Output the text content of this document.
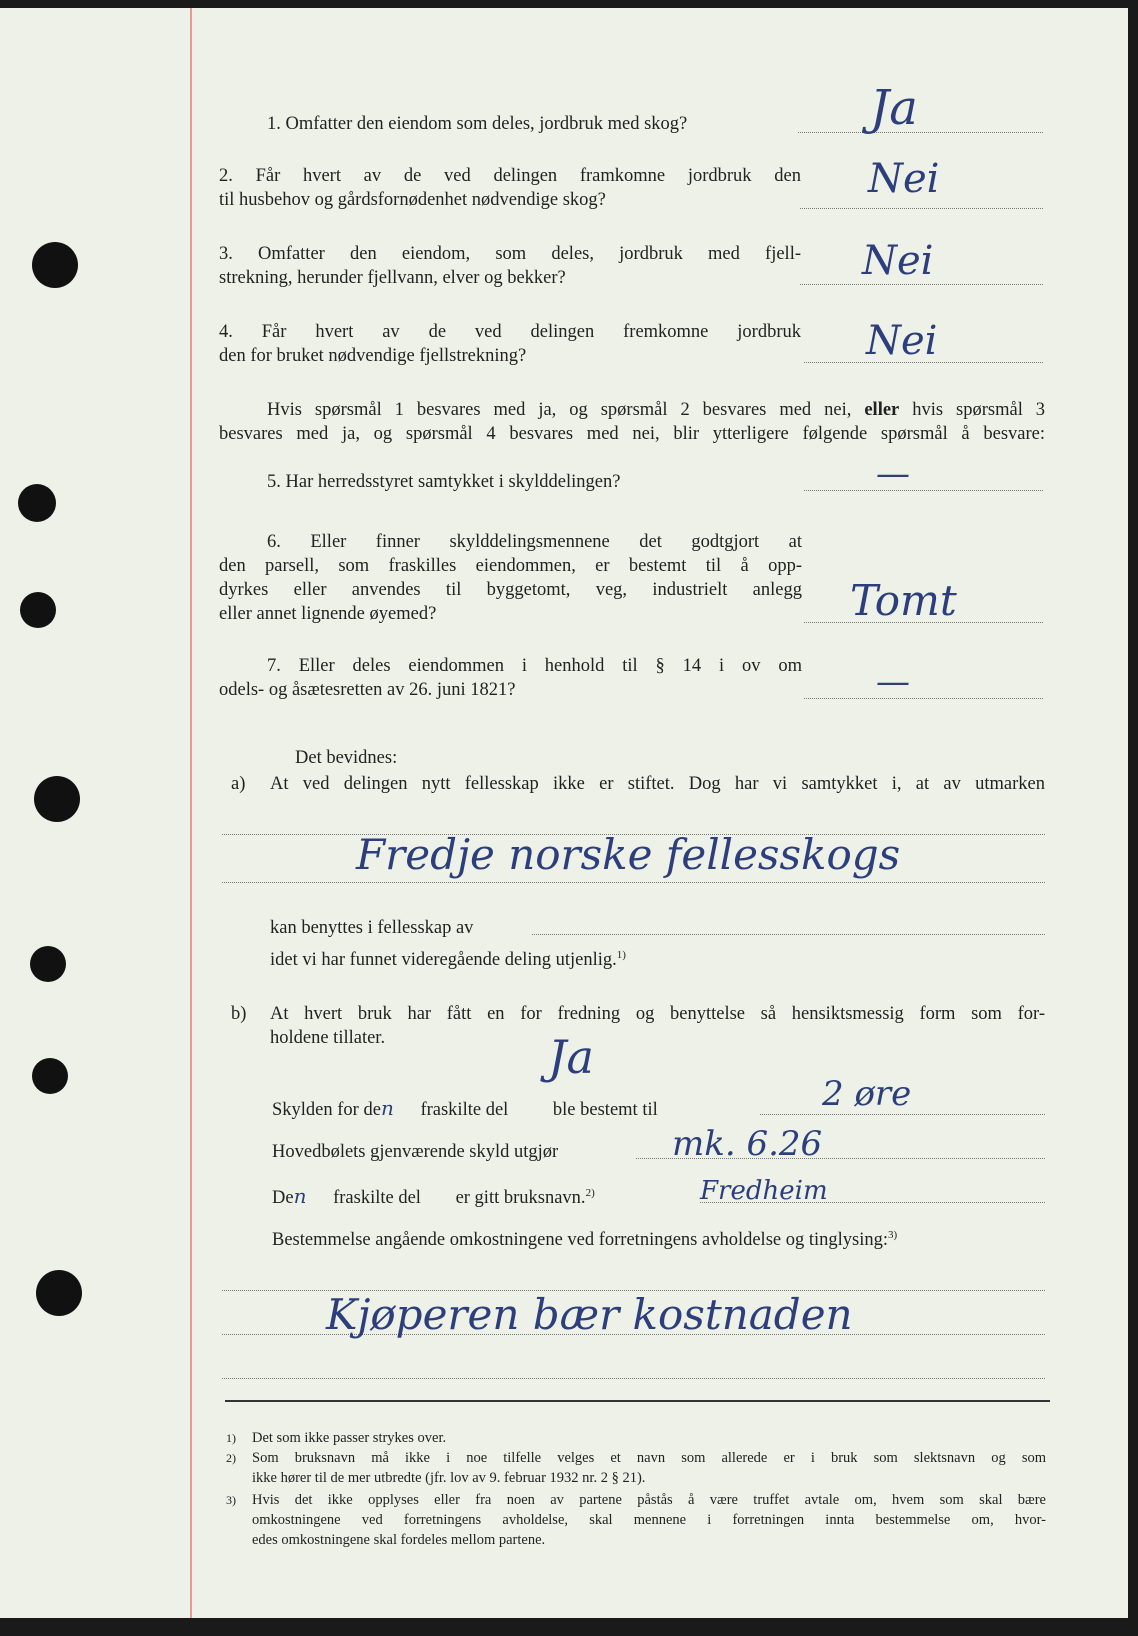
1. Omfatter den eiendom som deles, jordbruk med skog?	Ja
2. Får hvert av de ved delingen framkomne jordbruk den
til husbehov og gårdsfornødenhet nødvendige skog?	Nei
3. Omfatter den eiendom, som deles, jordbruk med fjell-
strekning, herunder fjellvann, elver og bekker?	Nei
4. Får hvert av de ved delingen fremkomne jordbruk
den for bruket nødvendige fjellstrekning?	Nei
Hvis spørsmål 1 besvares med ja, og spørsmål 2 besvares med nei, eller hvis spørsmål 3
besvares med ja, og spørsmål 4 besvares med nei, blir ytterligere følgende spørsmål å besvare:
5. Har herredsstyret samtykket i skylddelingen?	—
6. Eller finner skylddelingsmennene det godtgjort at
den parsell, som fraskilles eiendommen, er bestemt til å opp-
dyrkes eller anvendes til byggetomt, veg, industrielt anlegg
eller annet lignende øyemed?	Tomt
7. Eller deles eiendommen i henhold til § 14 i ov om
odels- og åsætesretten av 26. juni 1821?	—
Det bevidnes:
a) At ved delingen nytt fellesskap ikke er stiftet. Dog har vi samtykket i, at av utmarken
Fredje norske fellesskogs
kan benyttes i fellesskap av
idet vi har funnet videregående deling utjenlig.$^{1)}$
b) At hvert bruk har fått en for fredning og benyttelse så hensiktsmessig form som for-
holdene tillater.	Ja
Skylden for den fraskilte del ble bestemt til	2 øre
Hovedbølets gjenværende skyld utgjør	mk. 6.26
Den fraskilte del er gitt bruksnavn.$^{2)}$	Fredheim
Bestemmelse angående omkostningene ved forretningens avholdelse og tinglysing:$^{3)}$
Kjøperen bær kostnaden
1) Det som ikke passer strykes over.
2) Som bruksnavn må ikke i noe tilfelle velges et navn som allerede er i bruk som slektsnavn og som
ikke hører til de mer utbredte (jfr. lov av 9. februar 1932 nr. 2 § 21).
3) Hvis det ikke opplyses eller fra noen av partene påstås å være truffet avtale om, hvem som skal bære
omkostningene ved forretningens avholdelse, skal mennene i forretningen innta bestemmelse om, hvor-
edes omkostningene skal fordeles mellom partene.
